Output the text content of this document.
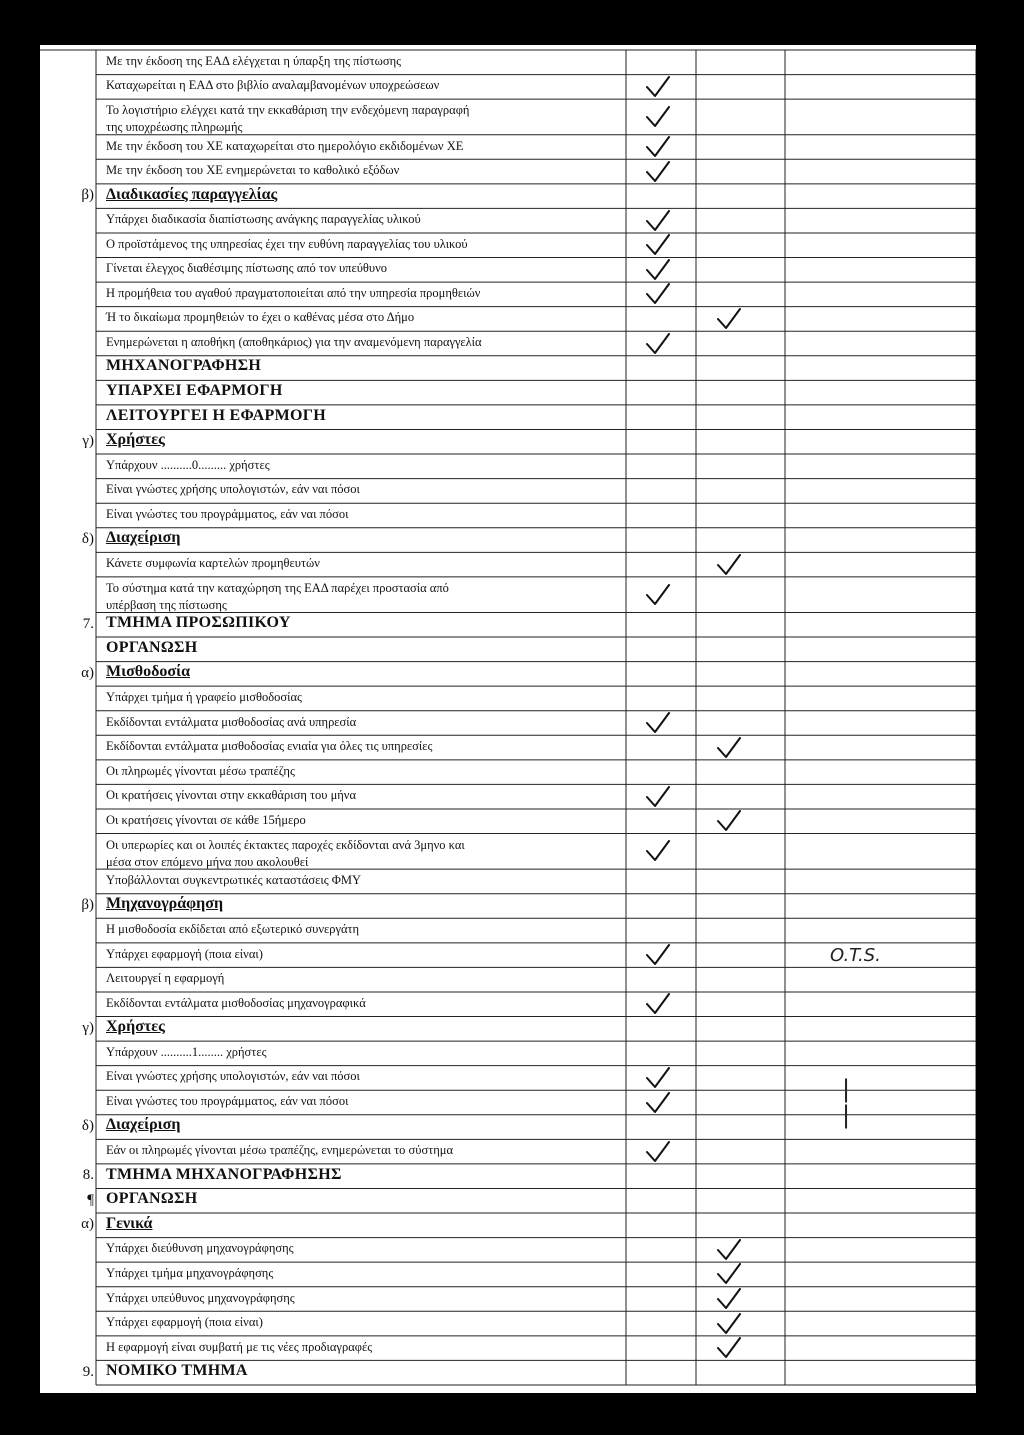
Με την έκδοση της ΕΑΔ ελέγχεται η ύπαρξη της πίστωσης
Καταχωρείται η ΕΑΔ στο βιβλίο αναλαμβανομένων υποχρεώσεων
Το λογιστήριο ελέγχει κατά την εκκαθάριση την ενδεχόμενη παραγραφή
της υποχρέωσης πληρωμής
Με την έκδοση του ΧΕ καταχωρείται στο ημερολόγιο εκδιδομένων ΧΕ
Με την έκδοση του ΧΕ ενημερώνεται το καθολικό εξόδων
β) Διαδικασίες παραγγελίας
Υπάρχει διαδικασία διαπίστωσης ανάγκης παραγγελίας υλικού
Ο προϊστάμενος της υπηρεσίας έχει την ευθύνη παραγγελίας του υλικού
Γίνεται έλεγχος διαθέσιμης πίστωσης από τον υπεύθυνο
Η προμήθεια του αγαθού πραγματοποιείται από την υπηρεσία προμηθειών
Ή το δικαίωμα προμηθειών το έχει ο καθένας μέσα στο Δήμο
Ενημερώνεται η αποθήκη (αποθηκάριος) για την αναμενόμενη παραγγελία
ΜΗΧΑΝΟΓΡΑΦΗΣΗ
ΥΠΑΡΧΕΙ ΕΦΑΡΜΟΓΗ
ΛΕΙΤΟΥΡΓΕΙ Η ΕΦΑΡΜΟΓΗ
γ) Χρήστες
Υπάρχουν ..........0......... χρήστες
Είναι γνώστες χρήσης υπολογιστών, εάν ναι πόσοι
Είναι γνώστες του προγράμματος, εάν ναι πόσοι
δ) Διαχείριση
Κάνετε συμφωνία καρτελών προμηθευτών
Το σύστημα κατά την καταχώρηση της ΕΑΔ παρέχει προστασία από
υπέρβαση της πίστωσης
7. ΤΜΗΜΑ ΠΡΟΣΩΠΙΚΟΥ
ΟΡΓΑΝΩΣΗ
α) Μισθοδοσία
Υπάρχει τμήμα ή γραφείο μισθοδοσίας
Εκδίδονται εντάλματα μισθοδοσίας ανά υπηρεσία
Εκδίδονται εντάλματα μισθοδοσίας ενιαία για όλες τις υπηρεσίες
Οι πληρωμές γίνονται μέσω τραπέζης
Οι κρατήσεις γίνονται στην εκκαθάριση του μήνα
Οι κρατήσεις γίνονται σε κάθε 15ήμερο
Οι υπερωρίες και οι λοιπές έκτακτες παροχές εκδίδονται ανά 3μηνο και
μέσα στον επόμενο μήνα που ακολουθεί
Υποβάλλονται συγκεντρωτικές καταστάσεις ΦΜΥ
β) Μηχανογράφηση
Η μισθοδοσία εκδίδεται από εξωτερικό συνεργάτη
Υπάρχει εφαρμογή (ποια είναι)
Λειτουργεί η εφαρμογή
Εκδίδονται εντάλματα μισθοδοσίας μηχανογραφικά
γ) Χρήστες
Υπάρχουν ..........1........ χρήστες
Είναι γνώστες χρήσης υπολογιστών, εάν ναι πόσοι
Είναι γνώστες του προγράμματος, εάν ναι πόσοι
δ) Διαχείριση
Εάν οι πληρωμές γίνονται μέσω τραπέζης, ενημερώνεται το σύστημα
8. ΤΜΗΜΑ ΜΗΧΑΝΟΓΡΑΦΗΣΗΣ
¶ ΟΡΓΑΝΩΣΗ
α) Γενικά
Υπάρχει διεύθυνση μηχανογράφησης
Υπάρχει τμήμα μηχανογράφησης
Υπάρχει υπεύθυνος μηχανογράφησης
Υπάρχει εφαρμογή (ποια είναι)
Η εφαρμογή είναι συμβατή με τις νέες προδιαγραφές
9. ΝΟΜΙΚΟ ΤΜΗΜΑ
O.T.S.
|
|
